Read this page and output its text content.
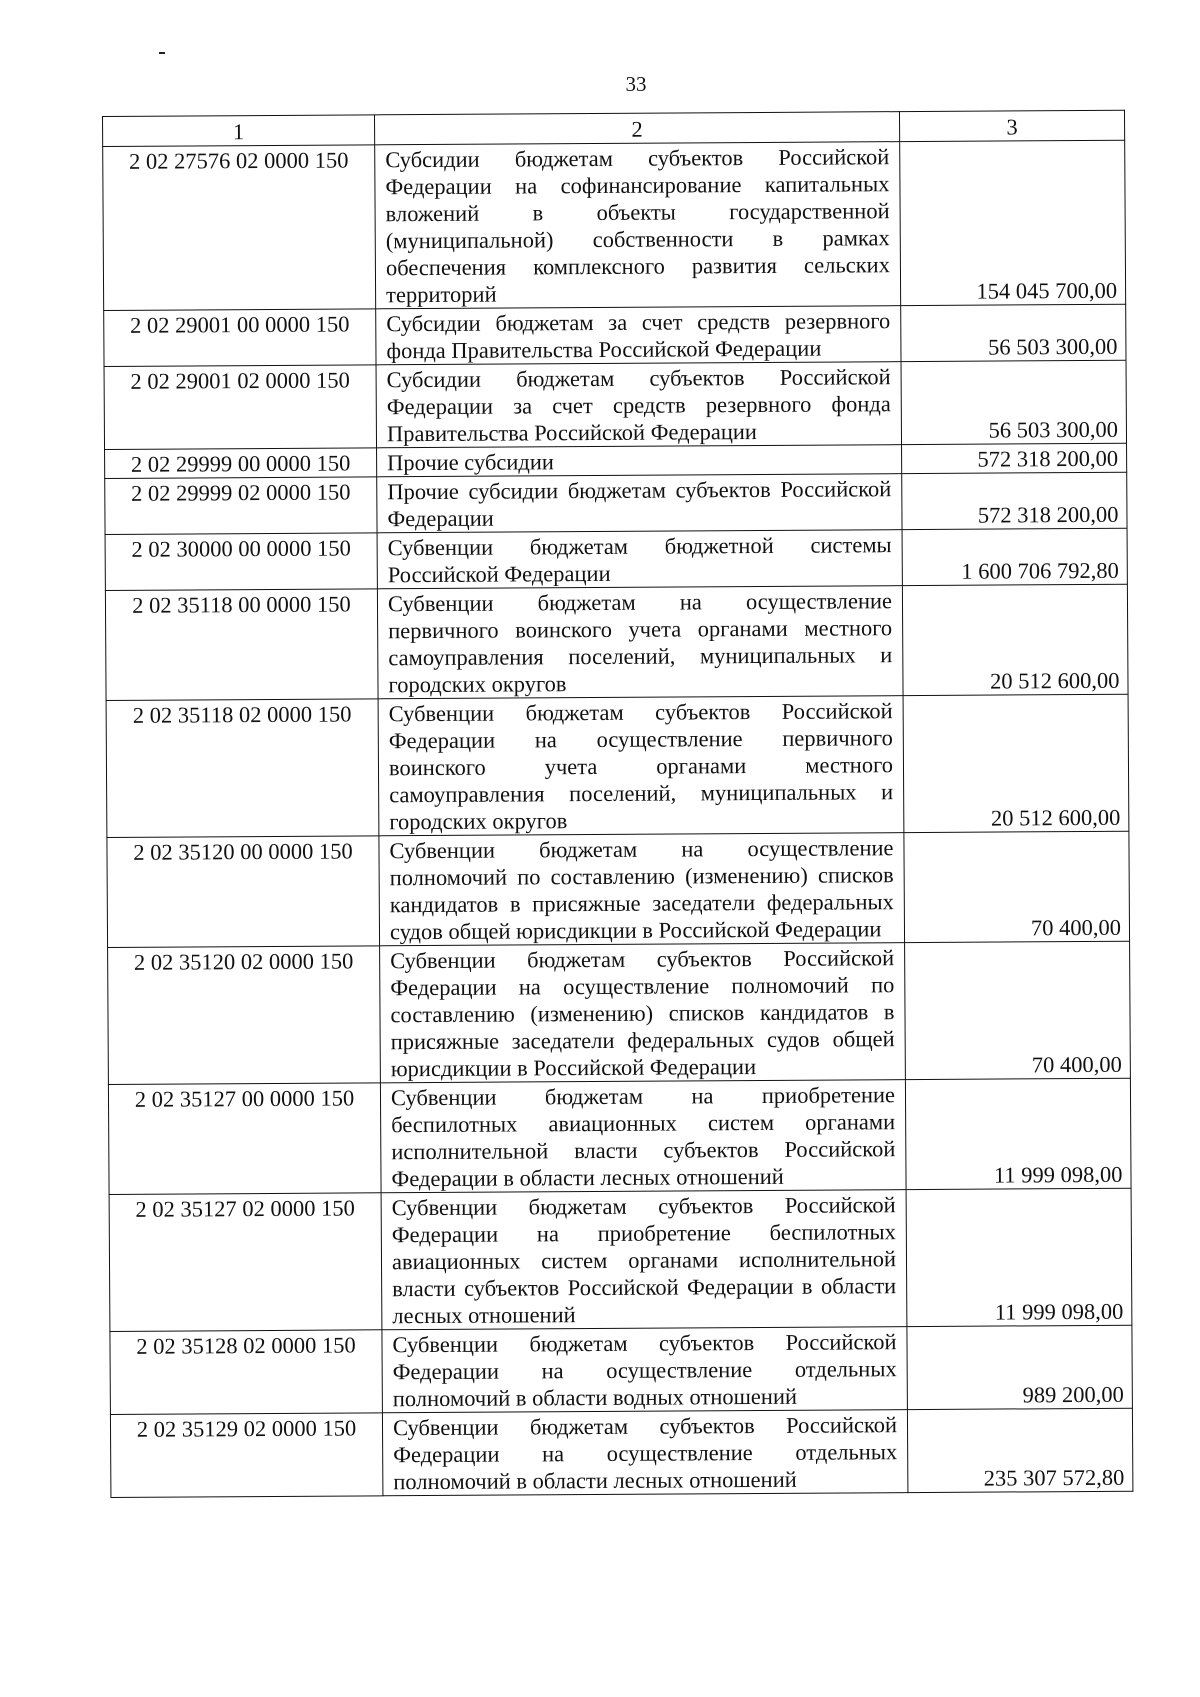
33
1	2	3
2 02 27576 02 0000 150	Субсидии бюджетам субъектов Российской Федерации на софинансирование капитальных вложений в объекты государственной (муниципальной) собственности в рамках обеспечения комплексного развития сельских территорий	154 045 700,00
2 02 29001 00 0000 150	Субсидии бюджетам за счет средств резервного фонда Правительства Российской Федерации	56 503 300,00
2 02 29001 02 0000 150	Субсидии бюджетам субъектов Российской Федерации за счет средств резервного фонда Правительства Российской Федерации	56 503 300,00
2 02 29999 00 0000 150	Прочие субсидии	572 318 200,00
2 02 29999 02 0000 150	Прочие субсидии бюджетам субъектов Российской Федерации	572 318 200,00
2 02 30000 00 0000 150	Субвенции бюджетам бюджетной системы Российской Федерации	1 600 706 792,80
2 02 35118 00 0000 150	Субвенции бюджетам на осуществление первичного воинского учета органами местного самоуправления поселений, муниципальных и городских округов	20 512 600,00
2 02 35118 02 0000 150	Субвенции бюджетам субъектов Российской Федерации на осуществление первичного воинского учета органами местного самоуправления поселений, муниципальных и городских округов	20 512 600,00
2 02 35120 00 0000 150	Субвенции бюджетам на осуществление полномочий по составлению (изменению) списков кандидатов в присяжные заседатели федеральных судов общей юрисдикции в Российской Федерации	70 400,00
2 02 35120 02 0000 150	Субвенции бюджетам субъектов Российской Федерации на осуществление полномочий по составлению (изменению) списков кандидатов в присяжные заседатели федеральных судов общей юрисдикции в Российской Федерации	70 400,00
2 02 35127 00 0000 150	Субвенции бюджетам на приобретение беспилотных авиационных систем органами исполнительной власти субъектов Российской Федерации в области лесных отношений	11 999 098,00
2 02 35127 02 0000 150	Субвенции бюджетам субъектов Российской Федерации на приобретение беспилотных авиационных систем органами исполнительной власти субъектов Российской Федерации в области лесных отношений	11 999 098,00
2 02 35128 02 0000 150	Субвенции бюджетам субъектов Российской Федерации на осуществление отдельных полномочий в области водных отношений	989 200,00
2 02 35129 02 0000 150	Субвенции бюджетам субъектов Российской Федерации на осуществление отдельных полномочий в области лесных отношений	235 307 572,80
